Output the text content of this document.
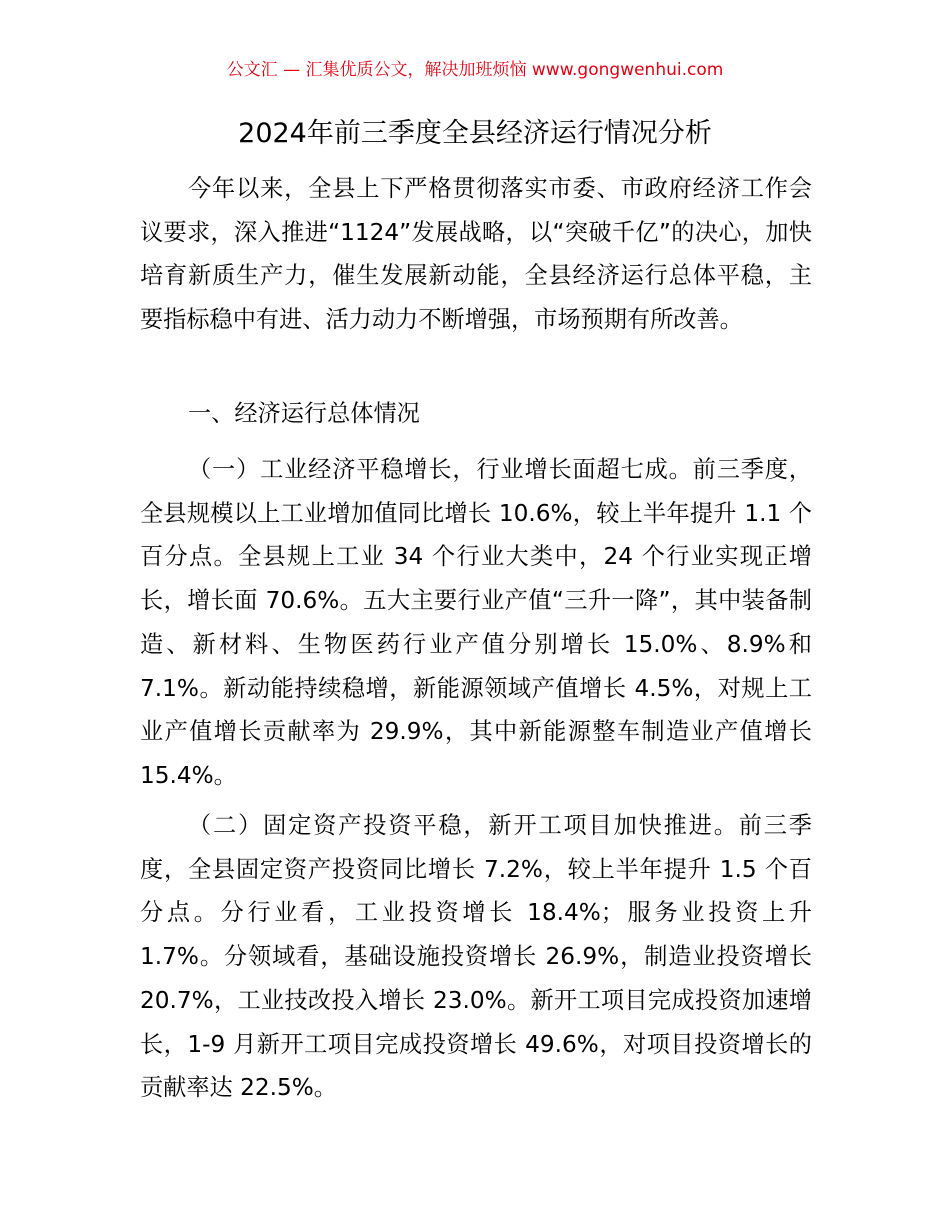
公文汇 — 汇集优质公文，解决加班烦恼 www.gongwenhui.com
2024年前三季度全县经济运行情况分析

今年以来，全县上下严格贯彻落实市委、市政府经济工作会议要求，深入推进“1124”发展战略，以“突破千亿”的决心，加快培育新质生产力，催生发展新动能，全县经济运行总体平稳，主要指标稳中有进、活力动力不断增强，市场预期有所改善。

一、经济运行总体情况

（一）工业经济平稳增长，行业增长面超七成。前三季度，全县规模以上工业增加值同比增长 10.6%，较上半年提升 1.1 个百分点。全县规上工业 34 个行业大类中，24 个行业实现正增长，增长面 70.6%。五大主要行业产值“三升一降”，其中装备制造、新材料、生物医药行业产值分别增长 15.0%、8.9%和 7.1%。新动能持续稳增，新能源领域产值增长 4.5%，对规上工业产值增长贡献率为 29.9%，其中新能源整车制造业产值增长 15.4%。

（二）固定资产投资平稳，新开工项目加快推进。前三季度，全县固定资产投资同比增长 7.2%，较上半年提升 1.5 个百分点。分行业看，工业投资增长 18.4%；服务业投资上升 1.7%。分领域看，基础设施投资增长 26.9%，制造业投资增长 20.7%，工业技改投入增长 23.0%。新开工项目完成投资加速增长，1-9 月新开工项目完成投资增长 49.6%，对项目投资增长的贡献率达 22.5%。
